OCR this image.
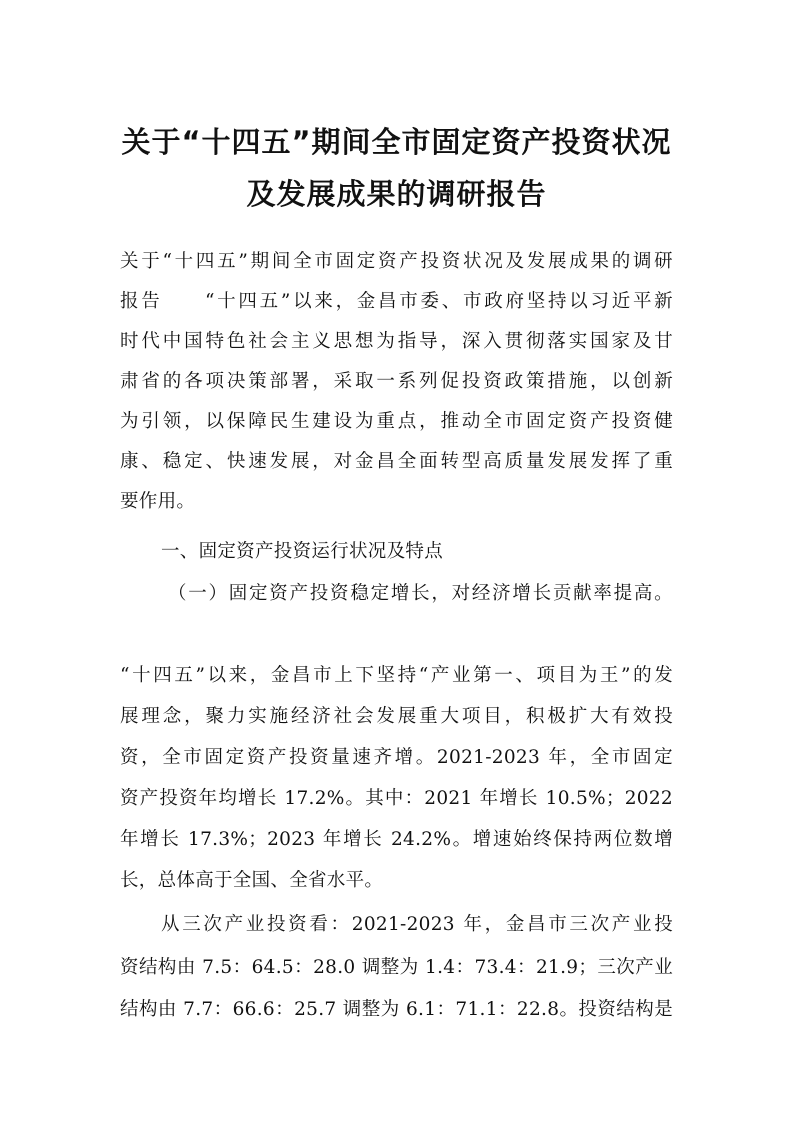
关于“十四五”期间全市固定资产投资状况
及发展成果的调研报告

关于“十四五”期间全市固定资产投资状况及发展成果的调研

报告　　“十四五”以来，金昌市委、市政府坚持以习近平新

时代中国特色社会主义思想为指导，深入贯彻落实国家及甘

肃省的各项决策部署，采取一系列促投资政策措施，以创新

为引领，以保障民生建设为重点，推动全市固定资产投资健

康、稳定、快速发展，对金昌全面转型高质量发展发挥了重

要作用。

一、固定资产投资运行状况及特点

（一）固定资产投资稳定增长，对经济增长贡献率提高。

“十四五”以来，金昌市上下坚持“产业第一、项目为王”的发

展理念，聚力实施经济社会发展重大项目，积极扩大有效投

资，全市固定资产投资量速齐增。2021-2023 年，全市固定

资产投资年均增长 17.2%。其中：2021 年增长 10.5%；2022

年增长 17.3%；2023 年增长 24.2%。增速始终保持两位数增

长，总体高于全国、全省水平。

从三次产业投资看：2021-2023 年，金昌市三次产业投

资结构由 7.5：64.5：28.0 调整为 1.4：73.4：21.9；三次产业

结构由 7.7：66.6：25.7 调整为 6.1：71.1：22.8。投资结构是
